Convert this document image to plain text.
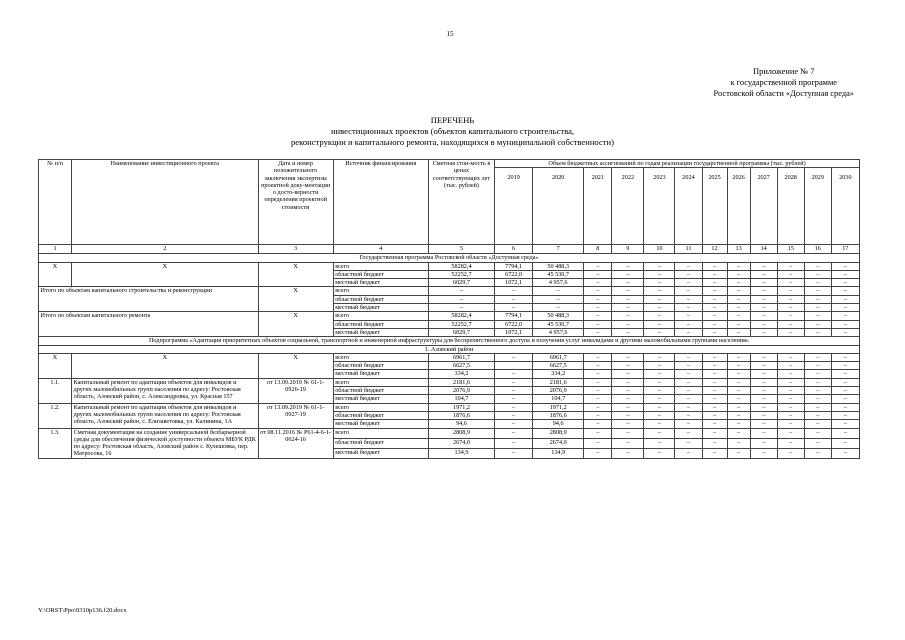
15
Приложение № 7
к государственной программе
Ростовской области «Доступная среда»
ПЕРЕЧЕНЬ
инвестиционных проектов (объектов капитального строительства,
реконструкции и капитального ремонта, находящихся в муниципальной собственности)
№ п/п	Наименование инвестиционного проекта	Дата и номер положительного заключения экспертизы проектной доку-ментации о досто-верности определения проектной стоимости	Источник финансирования	Сметная стои-мость в ценах соответствующих лет (тыс. рублей)	Объем бюджетных ассигнований по годам реализации государственной программы (тыс. рублей)											
					2019	2020	2021	2022	2023	2024	2025	2026	2027	2028	2029	2030
1	2	3	4	5	6	7	8	9	10	11	12	13	14	15	16	17
Государственная программа Ростовской области «Доступная среда»																
X	X	X	всего	58282,4	7794,1	50 488,3	–	–	–	–	–	–	–	–	–	–
			областной бюджет	52252,7	6722,0	45 530,7	–	–	–	–	–	–	–	–	–	–
			местный бюджет	6029,7	1072,1	4 957,6	–	–	–	–	–	–	–	–	–	–
Итого по объектам капитального строительства и реконструкции		X	всего	–	–	–	–	–	–	–	–	–	–	–	–	–
			областной бюджет	–	–	–	–	–	–	–	–	–	–	–	–	–
			местный бюджет	–	–	–	–	–	–	–	–	–	–	–	–	–
Итого по объектам капитального ремонта		X	всего	58282,4	7794,1	50 488,3	–	–	–	–	–	–	–	–	–	–
			областной бюджет	52252,7	6722,0	45 530,7	–	–	–	–	–	–	–	–	–	–
			местный бюджет	6029,7	1072,1	4 957,6	–	–	–	–	–	–	–	–	–	–
Подпрограмма «Адаптация приоритетных объектов социальной, транспортной и инженерной инфраструктуры для беспрепятственного доступа и получения услуг инвалидами и другими маломобильными группами населения»																
1. Азовский район																
X	X	X	всего	6961,7	–	6961,7	–	–	–	–	–	–	–	–	–	–
			областной бюджет	6627,5		6627,5	–	–	–	–	–	–	–	–	–	–
			местный бюджет	334,2	–	334,2	–	–	–	–	–	–	–	–	–	–
1.1.	Капитальный ремонт по адаптации объектов для инвалидов и других маломобильных групп населения по адресу: Ростовская область, Азовский район, с. Александровка, ул. Красная 157	от 13.09.2019 № 61-1-0926-19	всего	2181,6	–	2181,6	–	–	–	–	–	–	–	–	–	–
			областной бюджет	2076,9	–	2076,9	–	–	–	–	–	–	–	–	–	–
			местный бюджет	104,7	–	104,7	–	–	–	–	–	–	–	–	–	–
1.2.	Капитальный ремонт по адаптации объектов для инвалидов и других маломобильных групп населения по адресу: Ростовская область, Азовский район, с. Елизаветовка, ул. Калинина, 1А	от 13.09.2019 № 61-1-0927-19	всего	1971,2	–	1971,2	–	–	–	–	–	–	–	–	–	–
			областной бюджет	1876,6	–	1876,6	–	–	–	–	–	–	–	–	–	–
			местный бюджет	94,6	–	94,6	–	–	–	–	–	–	–	–	–	–
1.3.	Сметная документация на создание универсальной безбарьерной среды для обеспечения физической доступности объекта МБУК РДК по адресу: Ростовская область, Азовский район с. Кулешовка, пер. Матросова, 16	от 08.11.2016 № Р61-4-6-1-0624-16	всего	2808,9	–	2808,9	–	–	–	–	–	–	–	–	–	–
			областной бюджет	2674,0	–	2674,0	–	–	–	–	–	–	–	–	–	–
			местный бюджет	134,9	–	134,9	–	–	–	–	–	–	–	–	–	–
Y:\ORST\Ppo\0310p136.f20.docx
